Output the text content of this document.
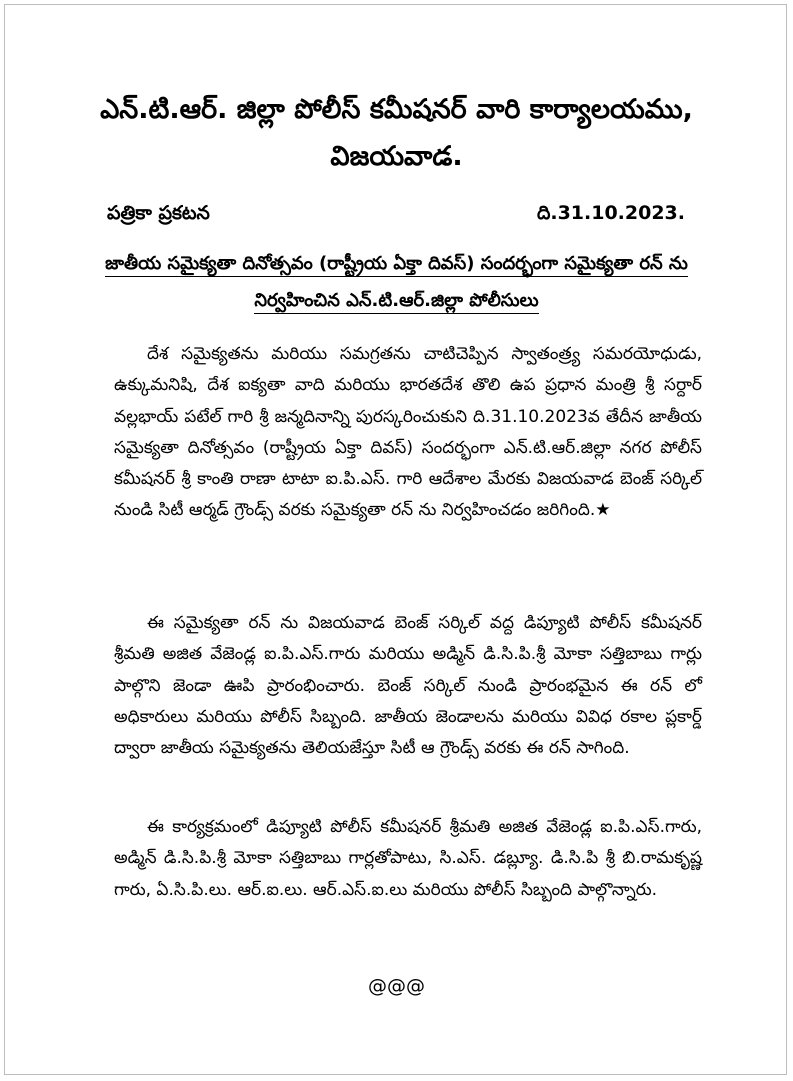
ఎన్.టి.ఆర్. జిల్లా పోలీస్ కమీషనర్ వారి కార్యాలయము,
విజయవాడ.
పత్రికా ప్రకటన	ది.31.10.2023.
జాతీయ సమైక్యతా దినోత్సవం (రాష్ట్రీయ ఏక్తా దివస్) సందర్భంగా సమైక్యతా రన్ ను
నిర్వహించిన ఎన్.టి.ఆర్.జిల్లా పోలీసులు

దేశ సమైక్యతను మరియు సమగ్రతను చాటిచెప్పిన స్వాతంత్ర్య సమరయోధుడు, ఉక్కుమనిషి, దేశ ఐక్యతా వాది మరియు భారతదేశ తొలి ఉప ప్రధాన మంత్రి శ్రీ సర్దార్ వల్లభాయ్ పటేల్ గారి శ్రీ జన్మదినాన్ని పురస్కరించుకుని ది.31.10.2023వ తేదీన జాతీయ సమైక్యతా దినోత్సవం (రాష్ట్రీయ ఏక్తా దివస్) సందర్భంగా ఎన్.టి.ఆర్.జిల్లా నగర పోలీస్ కమీషనర్ శ్రీ కాంతి రాణా టాటా ఐ.పి.ఎస్. గారి ఆదేశాల మేరకు విజయవాడ బెంజ్ సర్కిల్ నుండి సిటీ ఆర్మడ్ గ్రౌండ్స్ వరకు సమైక్యతా రన్ ను నిర్వహించడం జరిగింది.★

ఈ సమైక్యతా రన్ ను విజయవాడ బెంజ్ సర్కిల్ వద్ద డిప్యూటి పోలీస్ కమీషనర్ శ్రీమతి అజిత వేజెండ్ల ఐ.పి.ఎస్.గారు మరియు అడ్మిన్ డి.సి.పి.శ్రీ మోకా సత్తిబాబు గార్లు పాల్గొని జెండా ఊపి ప్రారంభించారు. బెంజ్ సర్కిల్ నుండి ప్రారంభమైన ఈ రన్ లో అధికారులు మరియు పోలీస్ సిబ్బంది. జాతీయ జెండాలను మరియు వివిధ రకాల ప్లకార్డ్ ద్వారా జాతీయ సమైక్యతను తెలియజేస్తూ సిటీ ఆ గ్రౌండ్స్ వరకు ఈ రన్ సాగింది.

ఈ కార్యక్రమంలో డిప్యూటి పోలీస్ కమీషనర్ శ్రీమతి అజిత వేజెండ్ల ఐ.పి.ఎస్.గారు, అడ్మిన్ డి.సి.పి.శ్రీ మోకా సత్తిబాబు గార్లతోపాటు, సి.ఎస్. డబ్ల్యూ. డి.సి.పి శ్రీ బి.రామకృష్ణ గారు, ఏ.సి.పి.లు. ఆర్.ఐ.లు. ఆర్.ఎస్.ఐ.లు మరియు పోలీస్ సిబ్బంది పాల్గొన్నారు.

@@@
